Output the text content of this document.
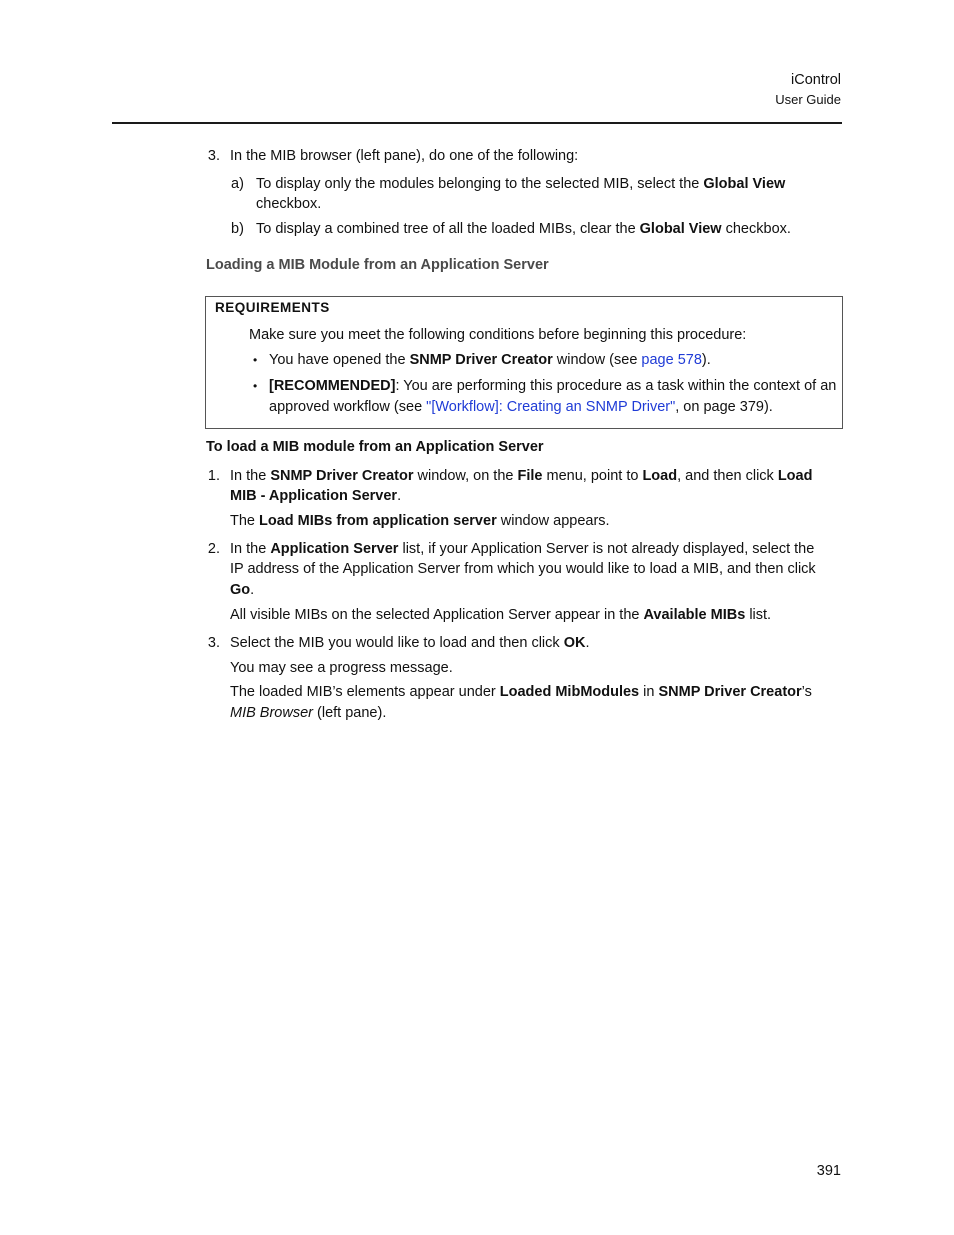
iControl
User Guide
3. In the MIB browser (left pane), do one of the following:
a) To display only the modules belonging to the selected MIB, select the Global View
checkbox.
b) To display a combined tree of all the loaded MIBs, clear the Global View checkbox.
Loading a MIB Module from an Application Server
REQUIREMENTS
Make sure you meet the following conditions before beginning this procedure:
• You have opened the SNMP Driver Creator window (see page 578).
• [RECOMMENDED]: You are performing this procedure as a task within the context of an
approved workflow (see "[Workflow]: Creating an SNMP Driver", on page 379).
To load a MIB module from an Application Server
1. In the SNMP Driver Creator window, on the File menu, point to Load, and then click Load
MIB - Application Server.
The Load MIBs from application server window appears.
2. In the Application Server list, if your Application Server is not already displayed, select the
IP address of the Application Server from which you would like to load a MIB, and then click
Go.
All visible MIBs on the selected Application Server appear in the Available MIBs list.
3. Select the MIB you would like to load and then click OK.
You may see a progress message.
The loaded MIB’s elements appear under Loaded MibModules in SNMP Driver Creator’s
MIB Browser (left pane).
391
